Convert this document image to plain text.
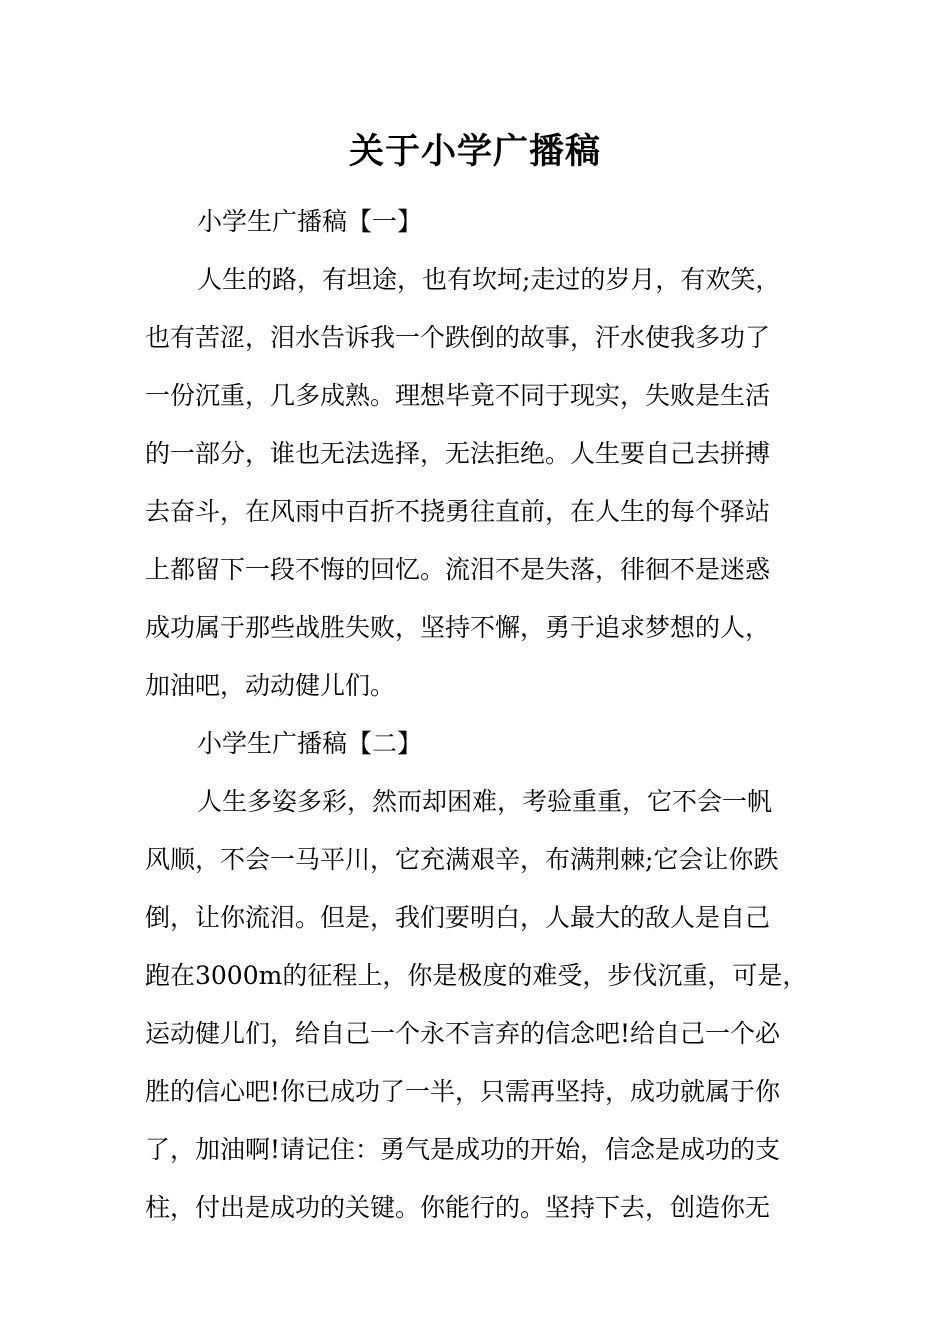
关于小学广播稿
小学生广播稿【一】
人生的路，有坦途，也有坎坷;走过的岁月，有欢笑，
也有苦涩，泪水告诉我一个跌倒的故事，汗水使我多功了
一份沉重，几多成熟。理想毕竟不同于现实，失败是生活
的一部分，谁也无法选择，无法拒绝。人生要自己去拼搏
去奋斗，在风雨中百折不挠勇往直前，在人生的每个驿站
上都留下一段不悔的回忆。流泪不是失落，徘徊不是迷惑
成功属于那些战胜失败，坚持不懈，勇于追求梦想的人，
加油吧，动动健儿们。
小学生广播稿【二】
人生多姿多彩，然而却困难，考验重重，它不会一帆
风顺，不会一马平川，它充满艰辛，布满荆棘;它会让你跌
倒，让你流泪。但是，我们要明白，人最大的敌人是自己
跑在3000m的征程上，你是极度的难受，步伐沉重，可是，
运动健儿们，给自己一个永不言弃的信念吧!给自己一个必
胜的信心吧!你已成功了一半，只需再坚持，成功就属于你
了，加油啊!请记住：勇气是成功的开始，信念是成功的支
柱，付出是成功的关键。你能行的。坚持下去，创造你无
